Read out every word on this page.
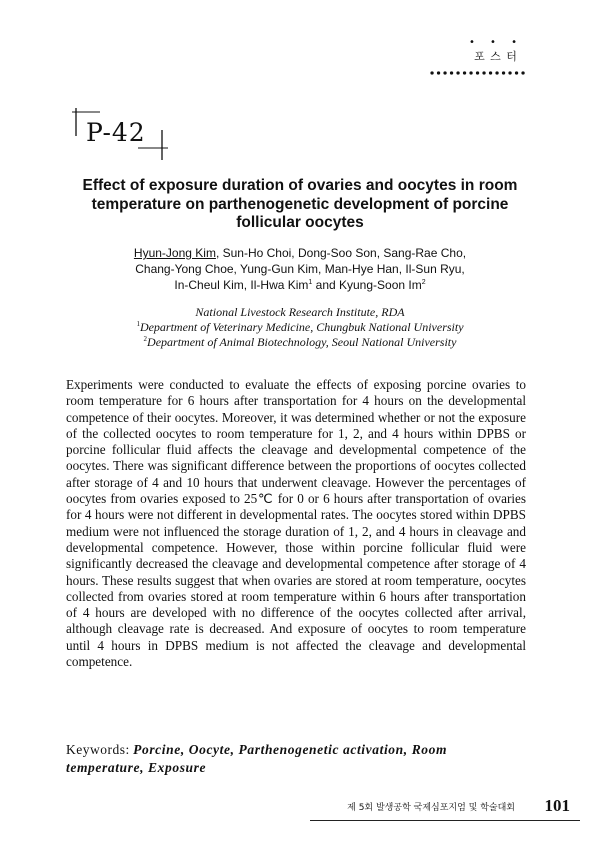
• • •
포 스 터
P-42
Effect of exposure duration of ovaries and oocytes in room temperature on parthenogenetic development of porcine follicular oocytes
Hyun-Jong Kim, Sun-Ho Choi, Dong-Soo Son, Sang-Rae Cho,
Chang-Yong Choe, Yung-Gun Kim, Man-Hye Han, Il-Sun Ryu,
In-Cheul Kim, Il-Hwa Kim$^1$ and Kyung-Soon Im$^2$
National Livestock Research Institute, RDA
$^1$Department of Veterinary Medicine, Chungbuk National University
$^2$Department of Animal Biotechnology, Seoul National University
Experiments were conducted to evaluate the effects of exposing porcine ovaries to room temperature for 6 hours after transportation for 4 hours on the developmental competence of their oocytes. Moreover, it was determined whether or not the exposure of the collected oocytes to room temperature for 1, 2, and 4 hours within DPBS or porcine follicular fluid affects the cleavage and developmental competence of the oocytes. There was significant difference between the proportions of oocytes collected after storage of 4 and 10 hours that underwent cleavage. However the percentages of oocytes from ovaries exposed to 25℃ for 0 or 6 hours after transportation of ovaries for 4 hours were not different in developmental rates. The oocytes stored within DPBS medium were not influenced the storage duration of 1, 2, and 4 hours in cleavage and developmental competence. However, those within porcine follicular fluid were significantly decreased the cleavage and developmental competence after storage of 4 hours. These results suggest that when ovaries are stored at room temperature, oocytes collected from ovaries stored at room temperature within 6 hours after transportation of 4 hours are developed with no difference of the oocytes collected after arrival, although cleavage rate is decreased. And exposure of oocytes to room temperature until 4 hours in DPBS medium is not affected the cleavage and developmental competence.
Keywords: Porcine, Oocyte, Parthenogenetic activation, Room temperature, Exposure
제 5회 발생공학 국제심포지엄 및 학술대회	101
